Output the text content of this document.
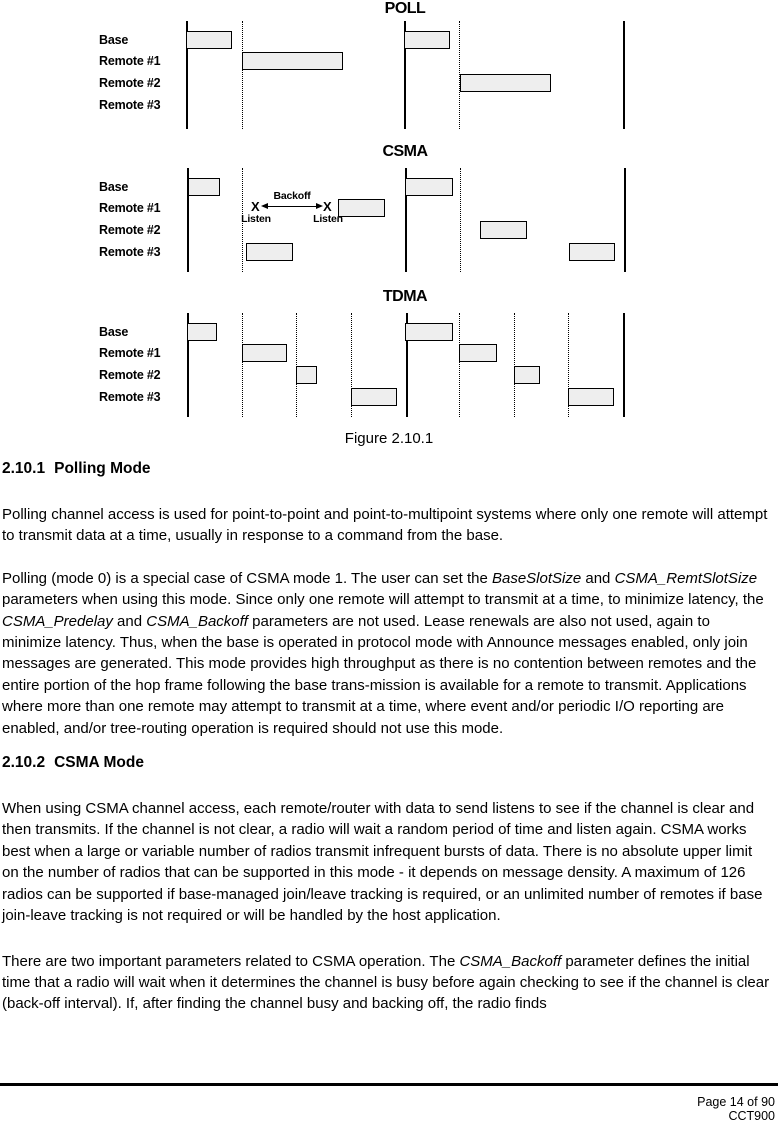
POLL
Base
Remote #1
Remote #2
Remote #3
CSMA
Base
Remote #1
Remote #2
Remote #3
X	X
Backoff
Listen	Listen
TDMA
Base
Remote #1
Remote #2
Remote #3
Figure 2.10.1
2.10.1 Polling Mode

Polling channel access is used for point-to-point and point-to-multipoint systems where only one remote will attempt to transmit data at a time, usually in response to a command from the base.

Polling (mode 0) is a special case of CSMA mode 1. The user can set the BaseSlotSize and CSMA_RemtSlotSize parameters when using this mode. Since only one remote will attempt to transmit at a time, to minimize latency, the CSMA_Predelay and CSMA_Backoff parameters are not used. Lease renewals are also not used, again to minimize latency. Thus, when the base is operated in protocol mode with Announce messages enabled, only join messages are generated. This mode provides high throughput as there is no contention between remotes and the entire portion of the hop frame following the base trans-mission is available for a remote to transmit. Applications where more than one remote may attempt to transmit at a time, where event and/or periodic I/O reporting are enabled, and/or tree-routing operation is required should not use this mode.

2.10.2 CSMA Mode

When using CSMA channel access, each remote/router with data to send listens to see if the channel is clear and then transmits. If the channel is not clear, a radio will wait a random period of time and listen again. CSMA works best when a large or variable number of radios transmit infrequent bursts of data. There is no absolute upper limit on the number of radios that can be supported in this mode - it depends on message density. A maximum of 126 radios can be supported if base-managed join/leave tracking is required, or an unlimited number of remotes if base join-leave tracking is not required or will be handled by the host application.

There are two important parameters related to CSMA operation. The CSMA_Backoff parameter defines the initial time that a radio will wait when it determines the channel is busy before again checking to see if the channel is clear (back-off interval). If, after finding the channel busy and backing off, the radio finds

Page 14 of 90
CCT900
